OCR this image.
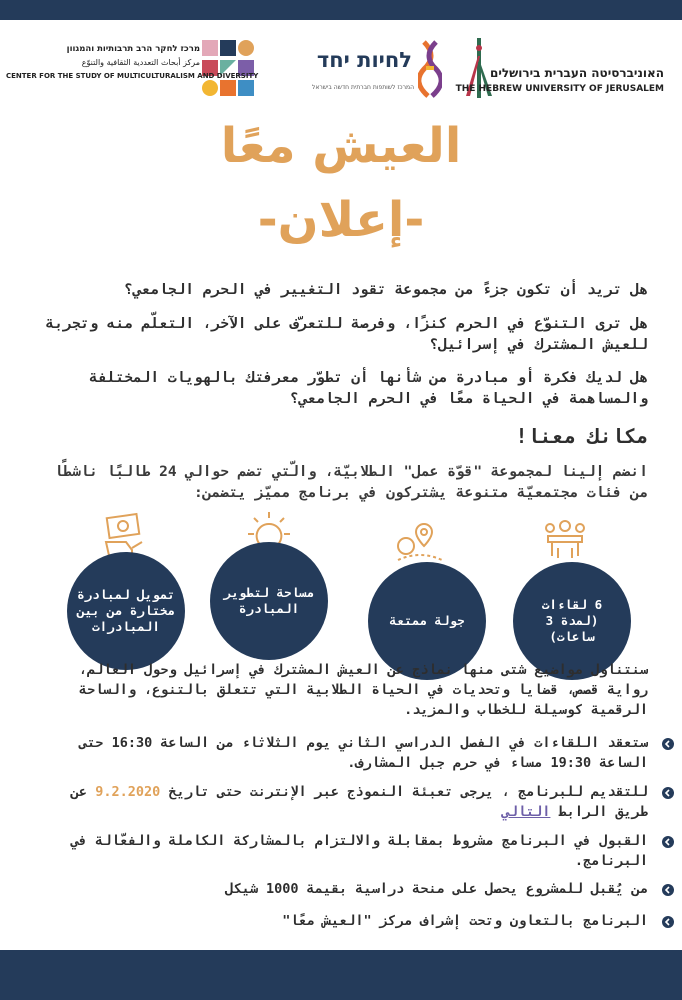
האוניברסיטה העברית בירושלים
THE HEBREW UNIVERSITY OF JERUSALEM
לחיות יחד
המרכז לשותפות חברתית חדשה בישראל
מרכז לחקר הרב תרבותיות והמגוון
مركز أبحاث التعددية الثقافية والتنوّع
CENTER FOR THE STUDY OF MULTICULTURALISM AND DIVERSITY
العيش معًا
-إعلان-
هل تريد أن تكون جزءً من مجموعة تقود التغيير في الحرم الجامعي؟
هل ترى التنوّع في الحرم كنزًا، وفرصة للتعرّف على الآخر، التعلّم منه وتجربة للعيش المشترك في إسرائيل؟
هل لديك فكرة أو مبادرة من شأنها أن تطوّر معرفتك بالهويات المختلفة والمساهمة في الحياة معًا في الحرم الجامعي؟
مكانك معنا!
انضم إلينا لمجموعة "قوّة عمل" الطلابيّة، والّتي تضم حوالي 24 طالبًا ناشطًا من فئات مجتمعيّة متنوعة يشتركون في برنامج مميّز يتضمن:
6 لقاءات (لمدة 3 ساعات)
جولة ممتعة
مساحة لتطوير المبادرة
تمويل لمبادرة مختارة من بين المبادرات
سنتناول مواضيع شتى منها نماذج عن العيش المشترك في إسرائيل وحول العالم، رواية قصص، قضايا وتحديات في الحياة الطلابية التي تتعلق بالتنوع، والساحة الرقمية كوسيلة للخطاب والمزيد.
ستعقد اللقاءات في الفصل الدراسي الثاني يوم الثلاثاء من الساعة 16:30 حتى الساعة 19:30 مساء في حرم جبل المشارف.
للتقديم للبرنامج ، يرجى تعبئة النموذج عبر الإنترنت حتى تاريخ 9.2.2020 عن طريق الرابط التالي
القبول في البرنامج مشروط بمقابلة والالتزام بالمشاركة الكاملة والفعّالة في البرنامج.
من يُقبل للمشروع يحصل على منحة دراسية بقيمة 1000 شيكل
البرنامج بالتعاون وتحت إشراف مركز "العيش معًا"
